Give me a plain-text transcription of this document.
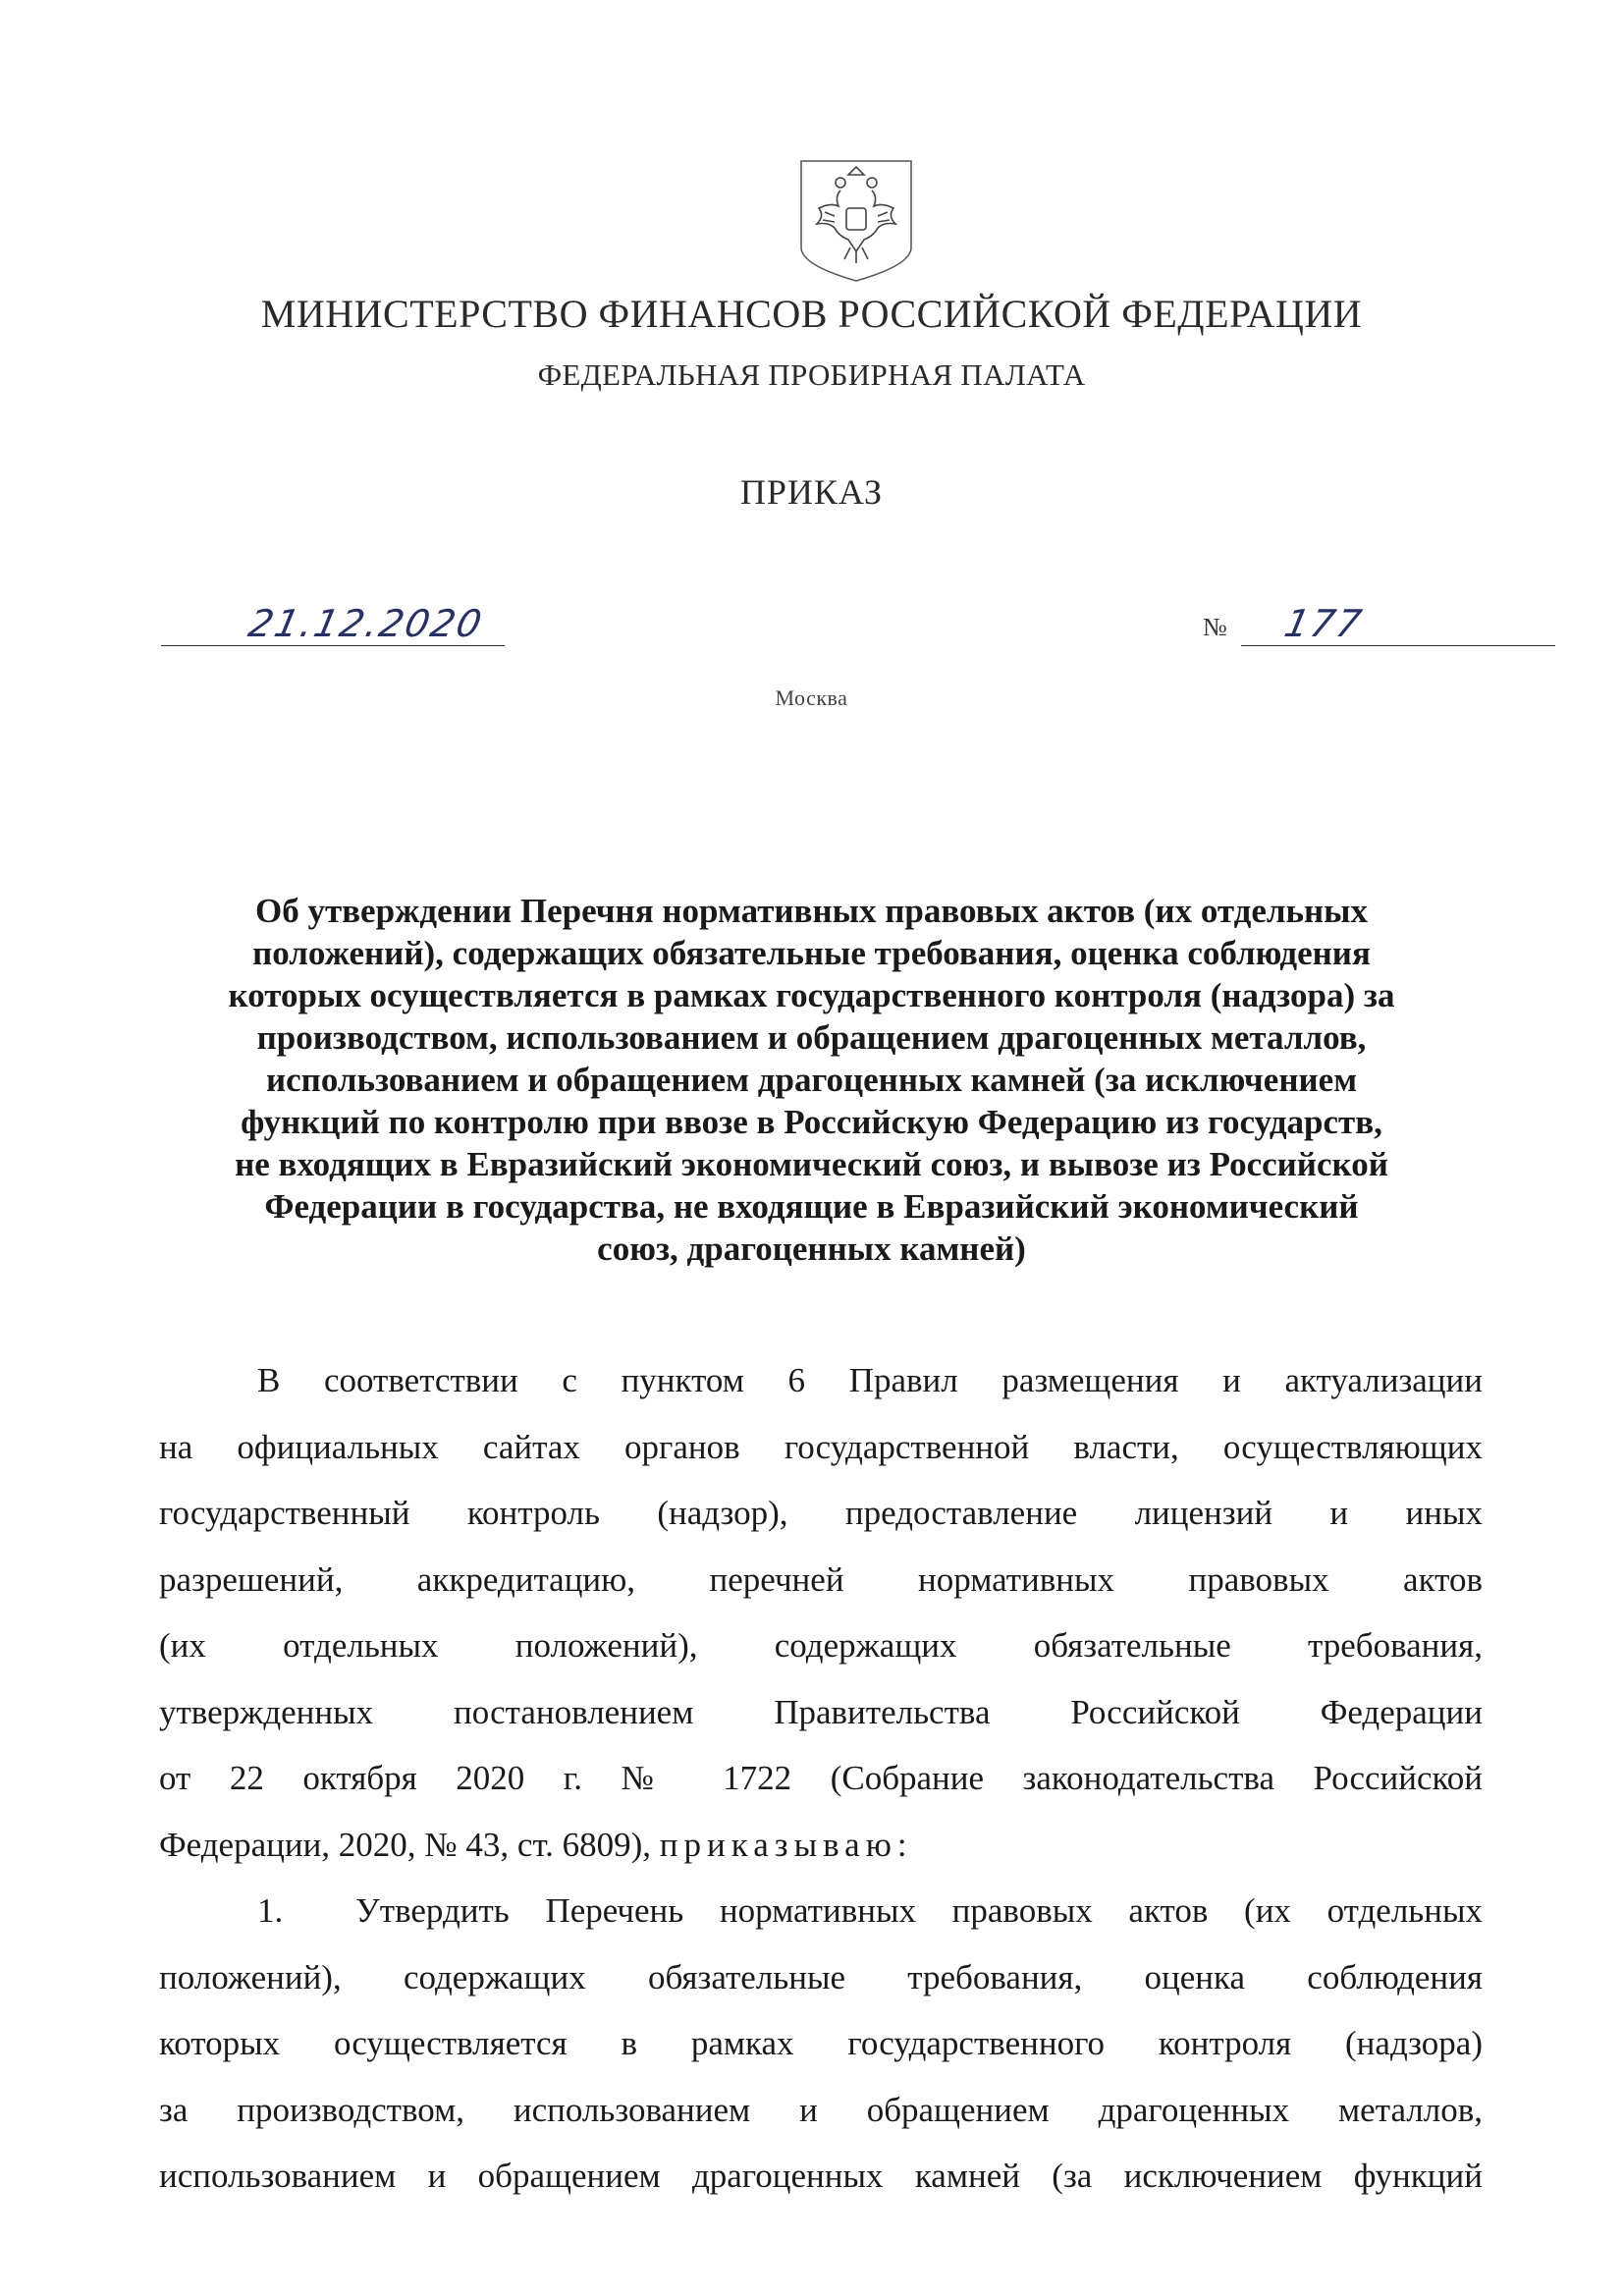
МИНИСТЕРСТВО ФИНАНСОВ РОССИЙСКОЙ ФЕДЕРАЦИИ
ФЕДЕРАЛЬНАЯ ПРОБИРНАЯ ПАЛАТА
ПРИКАЗ
21.12.2020	№ 177
Москва
Об утверждении Перечня нормативных правовых актов (их отдельных
положений), содержащих обязательные требования, оценка соблюдения
которых осуществляется в рамках государственного контроля (надзора) за
производством, использованием и обращением драгоценных металлов,
использованием и обращением драгоценных камней (за исключением
функций по контролю при ввозе в Российскую Федерацию из государств,
не входящих в Евразийский экономический союз, и вывозе из Российской
Федерации в государства, не входящие в Евразийский экономический
союз, драгоценных камней)
В соответствии с пунктом 6 Правил размещения и актуализации
на официальных сайтах органов государственной власти, осуществляющих
государственный контроль (надзор), предоставление лицензий и иных
разрешений, аккредитацию, перечней нормативных правовых актов
(их отдельных положений), содержащих обязательные требования,
утвержденных постановлением Правительства Российской Федерации
от 22 октября 2020 г. № 1722 (Собрание законодательства Российской
Федерации, 2020, № 43, ст. 6809), приказываю:
1. Утвердить Перечень нормативных правовых актов (их отдельных
положений), содержащих обязательные требования, оценка соблюдения
которых осуществляется в рамках государственного контроля (надзора)
за производством, использованием и обращением драгоценных металлов,
использованием и обращением драгоценных камней (за исключением функций
